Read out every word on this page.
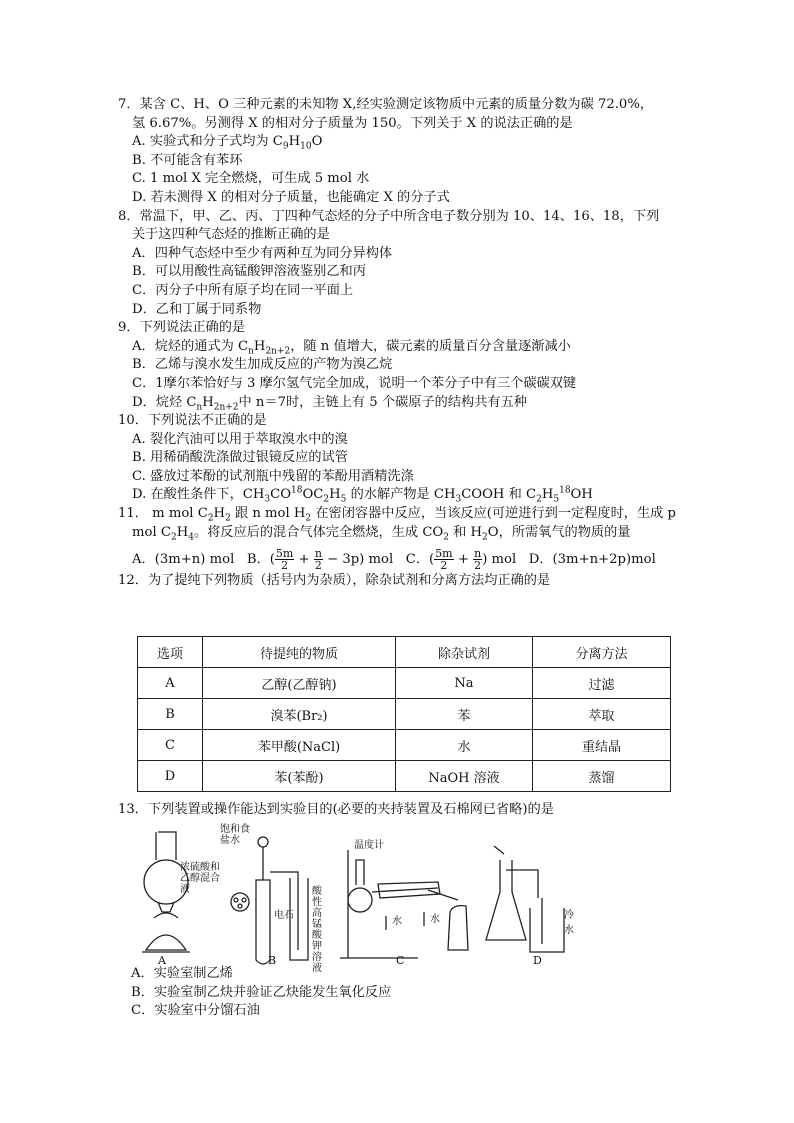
7．某含 C、H、O 三种元素的未知物 X,经实验测定该物质中元素的质量分数为碳 72.0%，
氢 6.67%。另测得 X 的相对分子质量为 150。下列关于 X 的说法正确的是
A. 实验式和分子式均为 $C_9H_{10}O$
B. 不可能含有苯环
C. 1 mol X 完全燃烧，可生成 5 mol 水
D. 若未测得 X 的相对分子质量，也能确定 X 的分子式
8．常温下，甲、乙、丙、丁四种气态烃的分子中所含电子数分别为 10、14、16、18，下列
关于这四种气态烃的推断正确的是
A．四种气态烃中至少有两种互为同分异构体
B．可以用酸性高锰酸钾溶液鉴别乙和丙
C．丙分子中所有原子均在同一平面上
D．乙和丁属于同系物
9．下列说法正确的是
A．烷烃的通式为 $C_nH_{2n+2}$，随 n 值增大，碳元素的质量百分含量逐渐减小
B．乙烯与溴水发生加成反应的产物为溴乙烷
C．1摩尔苯恰好与 3 摩尔氢气完全加成，说明一个苯分子中有三个碳碳双键
D．烷烃 $C_nH_{2n+2}$中 n＝7时，主链上有 5 个碳原子的结构共有五种
10．下列说法不正确的是
A. 裂化汽油可以用于萃取溴水中的溴
B. 用稀硝酸洗涤做过银镜反应的试管
C. 盛放过苯酚的试剂瓶中残留的苯酚用酒精洗涤
D. 在酸性条件下，$CH_3CO^{18}OC_2H_5$ 的水解产物是 $CH_3COOH$ 和 $C_2H_5^{18}OH$
11． m mol $C_2H_2$ 跟 n mol $H_2$ 在密闭容器中反应，当该反应(可逆进行到一定程度时，生成 p
mol $C_2H_4$。将反应后的混合气体完全燃烧，生成 $CO_2$ 和 $H_2O$，所需氧气的物质的量
A．(3m+n) mol B．( $\frac{5m}{2} + \frac{n}{2} - 3p$) mol C．( $\frac{5m}{2} + \frac{n}{2}$ ) mol D．(3m+n+2p)mol
12．为了提纯下列物质（括号内为杂质），除杂试剂和分离方法均正确的是
选项	待提纯的物质	除杂试剂	分离方法
A	乙醇(乙醇钠)	Na	过滤
B	溴苯(Br₂)	苯	萃取
C	苯甲酸(NaCl)	水	重结晶
D	苯(苯酚)	NaOH 溶液	蒸馏
13．下列装置或操作能达到实验目的(必要的夹持装置及石棉网已省略)的是
浓硫酸和乙醇混合液
A
饱和食盐水
电石
酸性高锰酸钾溶液
B
温度计
水	水
C
冷水
D
A．实验室制乙烯
B．实验室制乙炔并验证乙炔能发生氧化反应
C．实验室中分馏石油
